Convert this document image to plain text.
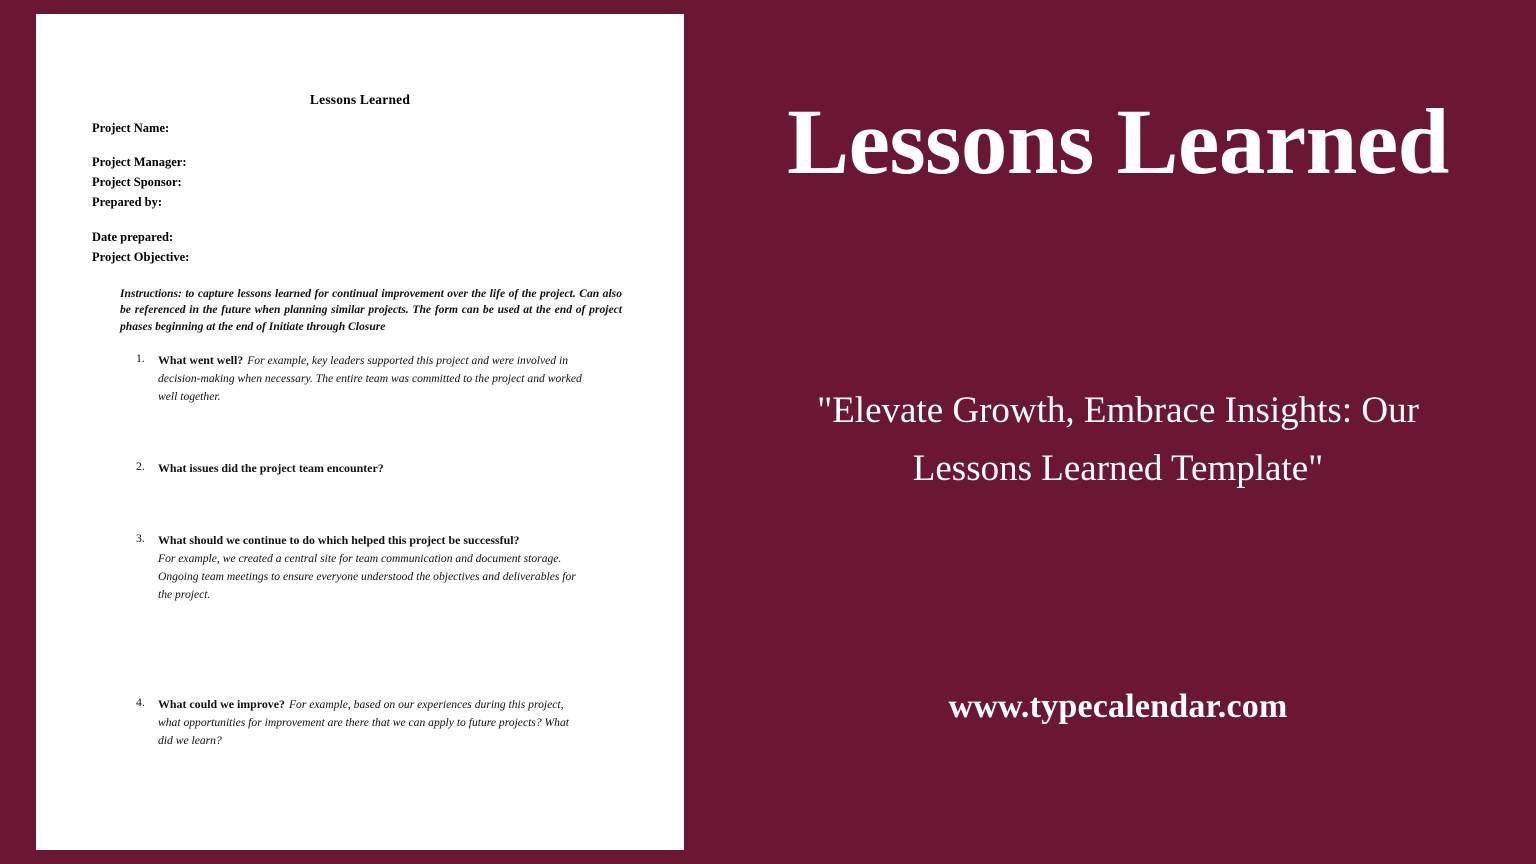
Lessons Learned

Project Name:

Project Manager:

Project Sponsor:

Prepared by:

Date prepared:

Project Objective:

Instructions: to capture lessons learned for continual improvement over the life of the project. Can also be referenced in the future when planning similar projects. The form can be used at the end of project phases beginning at the end of Initiate through Closure

What went well? For example, key leaders supported this project and were involved in decision-making when necessary. The entire team was committed to the project and worked well together.
What issues did the project team encounter?
What should we continue to do which helped this project be successful?
For example, we created a central site for team communication and document storage. Ongoing team meetings to ensure everyone understood the objectives and deliverables for the project.
What could we improve? For example, based on our experiences during this project, what opportunities for improvement are there that we can apply to future projects? What did we learn?
Lessons Learned
"Elevate Growth, Embrace Insights: Our Lessons Learned Template"
www.typecalendar.com
